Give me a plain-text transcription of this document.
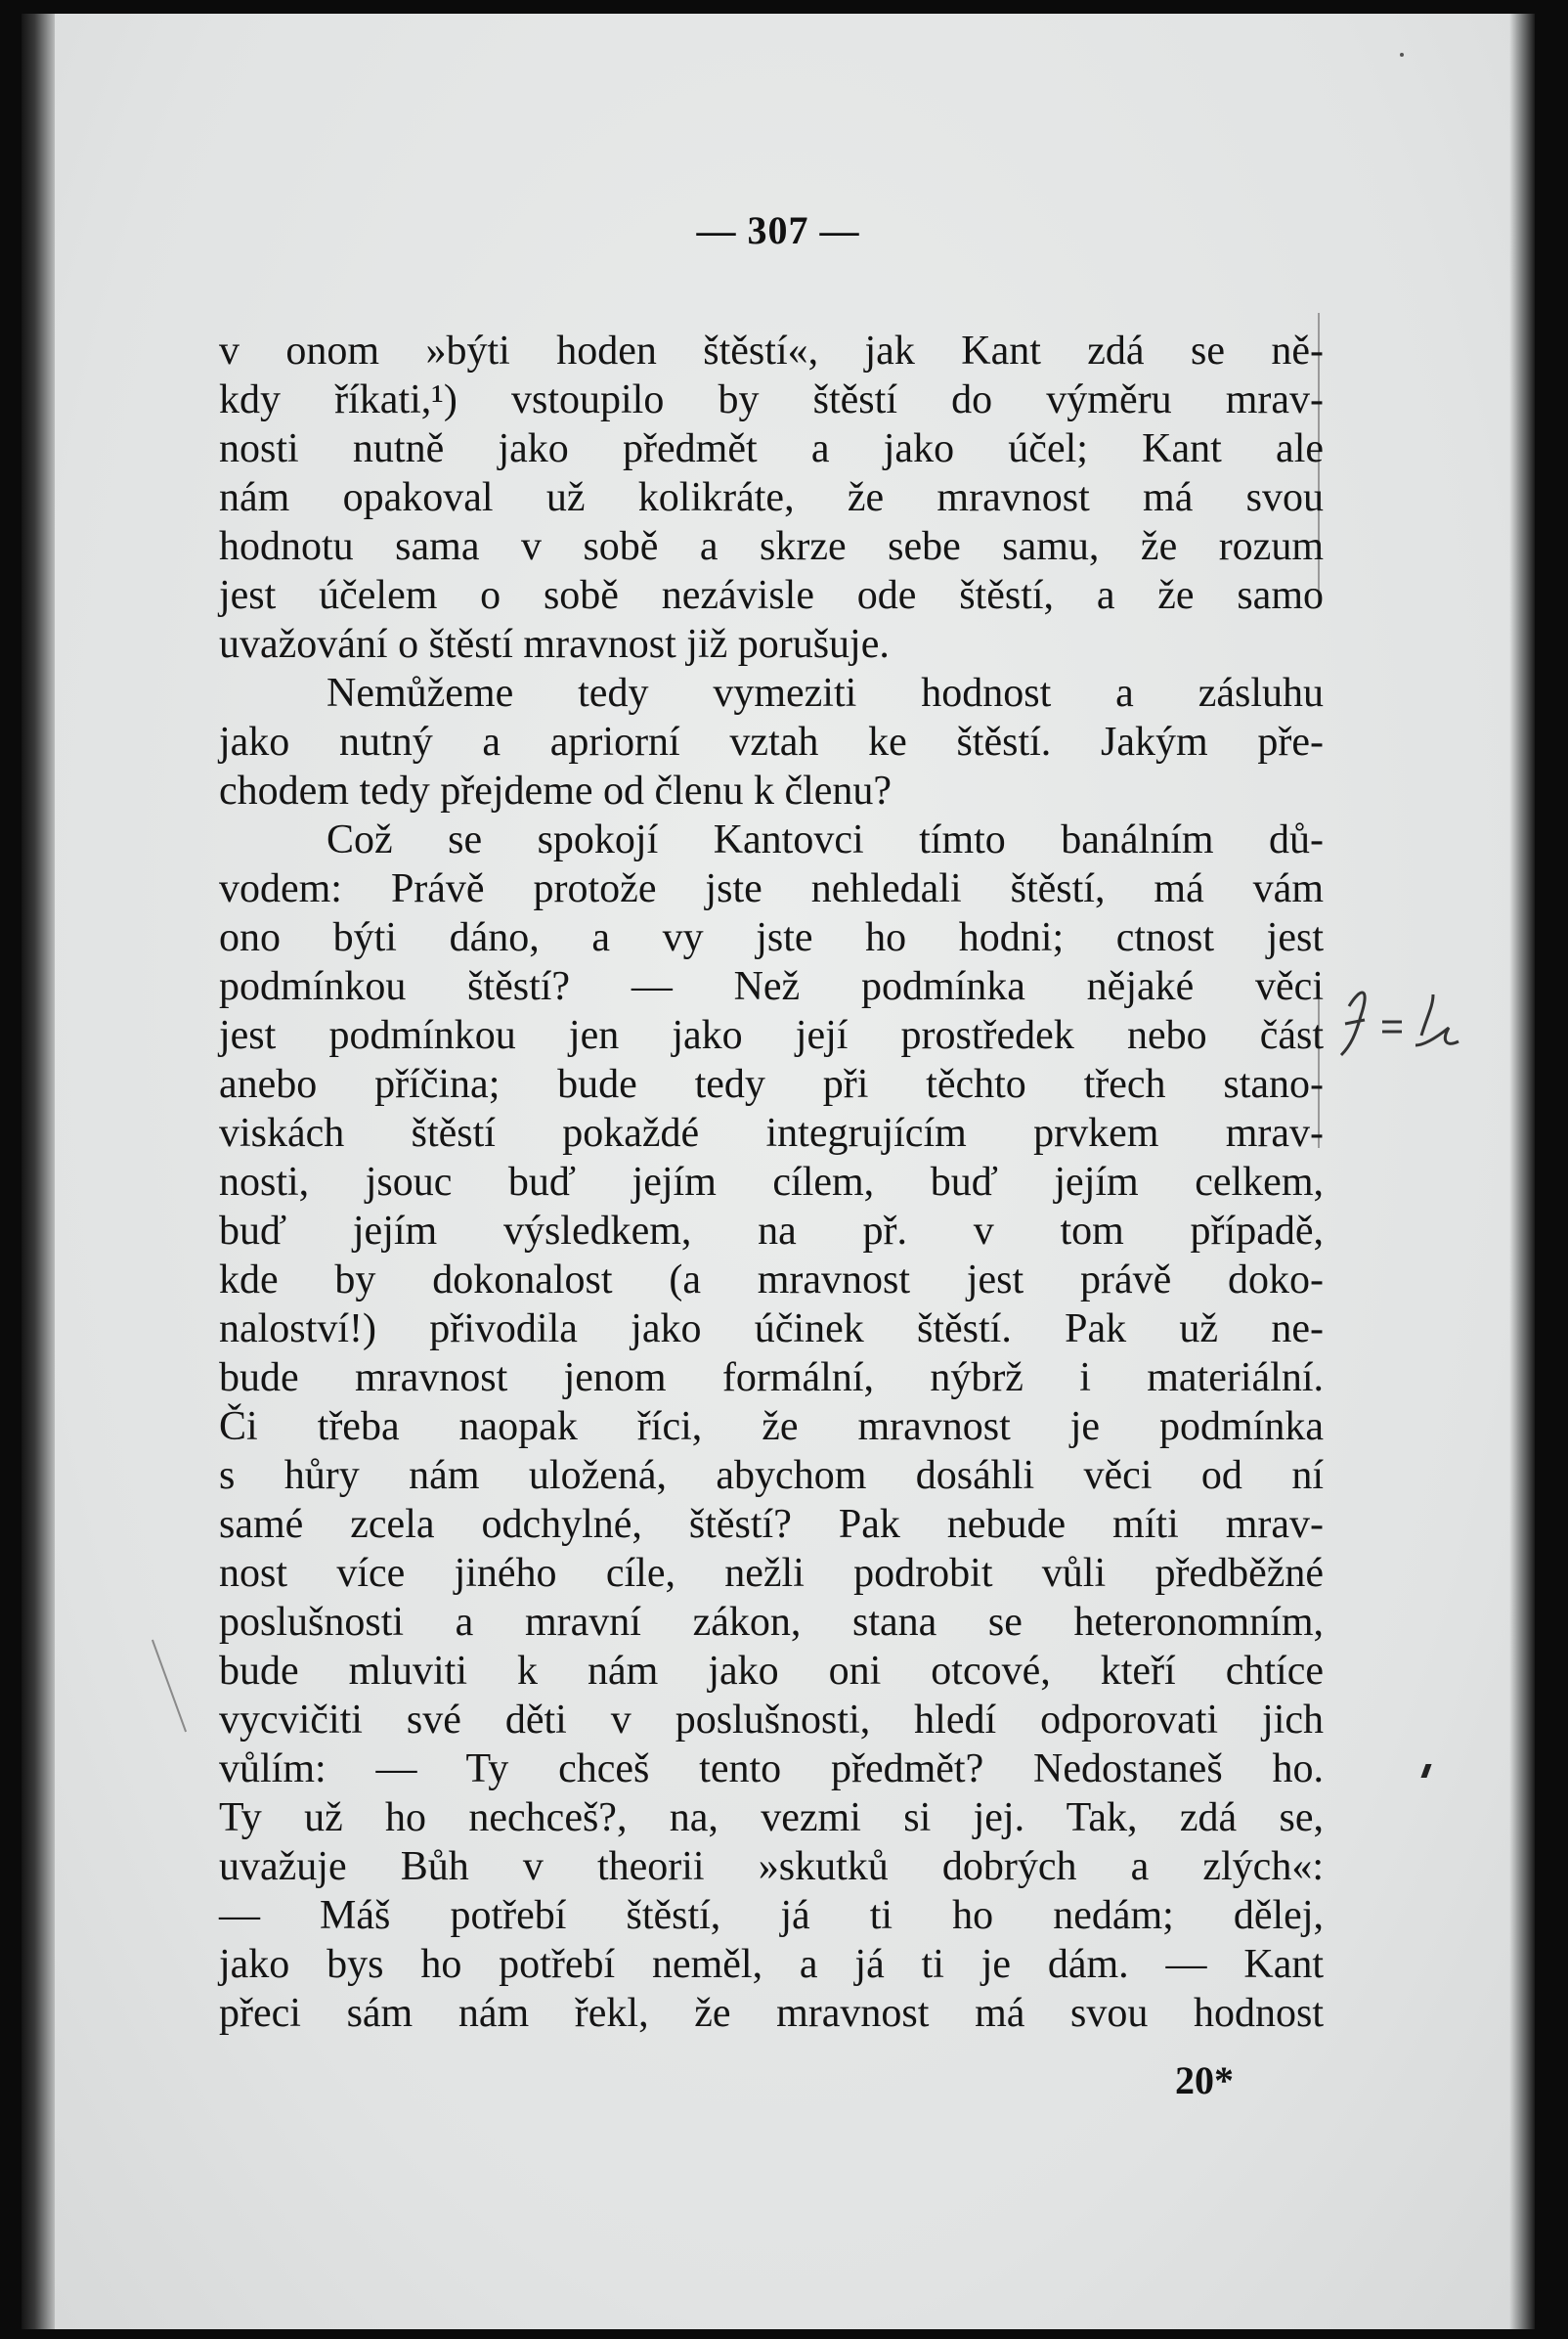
— 307 —
v onom »býti hoden štěstí«, jak Kant zdá se ně-
kdy říkati,¹) vstoupilo by štěstí do výměru mrav-
nosti nutně jako předmět a jako účel; Kant ale
nám opakoval už kolikráte, že mravnost má svou
hodnotu sama v sobě a skrze sebe samu, že rozum
jest účelem o sobě nezávisle ode štěstí, a že samo
uvažování o štěstí mravnost již porušuje.
Nemůžeme tedy vymeziti hodnost a zásluhu
jako nutný a apriorní vztah ke štěstí. Jakým pře-
chodem tedy přejdeme od členu k členu?
Což se spokojí Kantovci tímto banálním dů-
vodem: Právě protože jste nehledali štěstí, má vám
ono býti dáno, a vy jste ho hodni; ctnost jest
podmínkou štěstí? — Než podmínka nějaké věci
jest podmínkou jen jako její prostředek nebo část
anebo příčina; bude tedy při těchto třech stano-
viskách štěstí pokaždé integrujícím prvkem mrav-
nosti, jsouc buď jejím cílem, buď jejím celkem,
buď jejím výsledkem, na př. v tom případě,
kde by dokonalost (a mravnost jest právě doko-
naloství!) přivodila jako účinek štěstí. Pak už ne-
bude mravnost jenom formální, nýbrž i materiální.
Či třeba naopak říci, že mravnost je podmínka
s hůry nám uložená, abychom dosáhli věci od ní
samé zcela odchylné, štěstí? Pak nebude míti mrav-
nost více jiného cíle, nežli podrobit vůli předběžné
poslušnosti a mravní zákon, stana se heteronomním,
bude mluviti k nám jako oni otcové, kteří chtíce
vycvičiti své děti v poslušnosti, hledí odporovati jich
vůlím: — Ty chceš tento předmět? Nedostaneš ho.
Ty už ho nechceš?, na, vezmi si jej. Tak, zdá se,
uvažuje Bůh v theorii »skutků dobrých a zlých«:
— Máš potřebí štěstí, já ti ho nedám; dělej,
jako bys ho potřebí neměl, a já ti je dám. — Kant
přeci sám nám řekl, že mravnost má svou hodnost
20*
